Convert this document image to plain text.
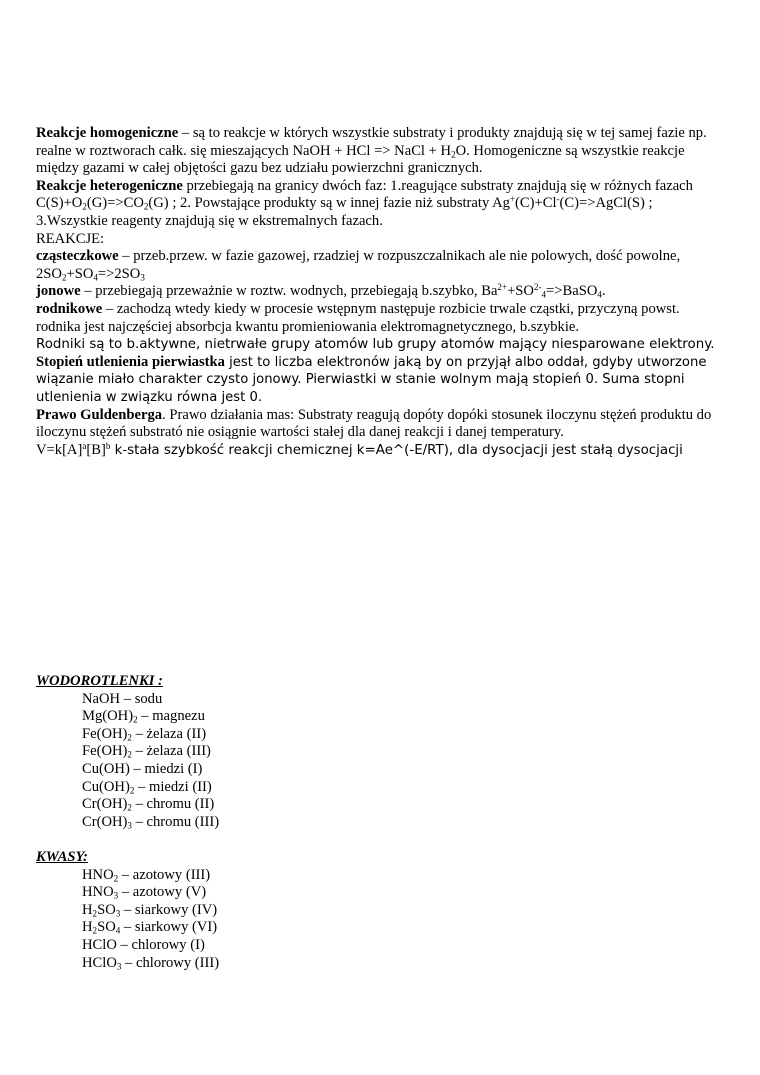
Reakcje homogeniczne – są to reakcje w których wszystkie substraty i produkty znajdują się w tej samej fazie np. realne w roztworach całk. się mieszających NaOH + HCl => NaCl + $H_2O$. Homogeniczne są wszystkie reakcje między gazami w całej objętości gazu bez udziału powierzchni granicznych.

Reakcje heterogeniczne przebiegają na granicy dwóch faz: 1.reagujące substraty znajdują się w różnych fazach $C(S)+O_2(G)=>CO_2(G)$ ; 2. Powstające produkty są w innej fazie niż substraty Ag+(C)+Cl-(C)=>AgCl(S) ; 3.Wszystkie reagenty znajdują się w ekstremalnych fazach.

REAKCJE:

cząsteczkowe – przeb.przew. w fazie gazowej, rzadziej w rozpuszczalnikach ale nie polowych, dość powolne, $2SO_2+SO_4=>2SO_3$

jonowe – przebiegają przeważnie w roztw. wodnych, przebiegają b.szybko, $Ba^{2+}+SO^{2-}_4=>BaSO_4$.

rodnikowe – zachodzą wtedy kiedy w procesie wstępnym następuje rozbicie trwale cząstki, przyczyną powst. rodnika jest najczęściej absorbcja kwantu promieniowania elektromagnetycznego, b.szybkie.

Rodniki są to b.aktywne, nietrwałe grupy atomów lub grupy atomów mający niesparowane elektrony.

Stopień utlenienia pierwiastka jest to liczba elektronów jaką by on przyjął albo oddał, gdyby utworzone wiązanie miało charakter czysto jonowy. Pierwiastki w stanie wolnym mają stopień 0. Suma stopni utlenienia w związku równa jest 0.

Prawo Guldenberga. Prawo działania mas: Substraty reagują dopóty dopóki stosunek iloczynu stężeń produktu do iloczynu stężeń substrató nie osiągnie wartości stałej dla danej reakcji i danej temperatury.

$V=k[A]^a[B]^b$ k-stała szybkość reakcji chemicznej k=Ae^(-E/RT), dla dysocjacji jest stałą dysocjacji

WODOROTLENKI :
NaOH – sodu
$Mg(OH)_2$ – magnezu
$Fe(OH)_2$ – żelaza (II)
$Fe(OH)_2$ – żelaza (III)
Cu(OH) – miedzi (I)
$Cu(OH)_2$ – miedzi (II)
$Cr(OH)_2$ – chromu (II)
$Cr(OH)_3$ – chromu (III)
KWASY:
$HNO_2$ – azotowy (III)
$HNO_3$ – azotowy (V)
$H_2SO_3$ – siarkowy (IV)
$H_2SO_4$ – siarkowy (VI)
HClO – chlorowy (I)
HClO$_3$ – chlorowy (III)
